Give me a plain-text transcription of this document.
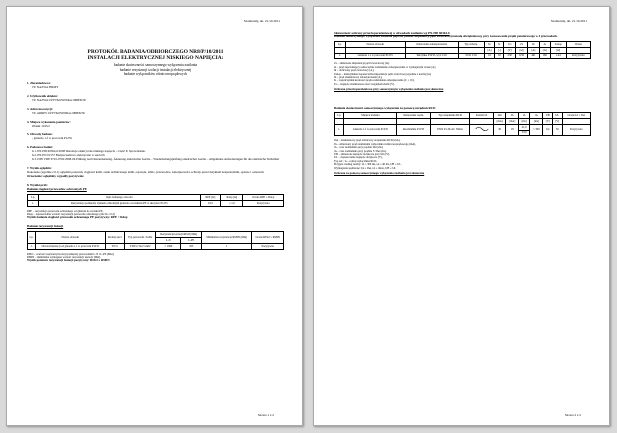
Szamotuły, dn. 21.10.2011
PROTOKÓŁ BADANIA/ODBIORCZEGO NR8/P/10/2011
INSTALACJI ELEKTRYCZNEJ NISKIEGO NAPIĘCIA:
badanie skuteczności samoczynnego wyłączenia zasilania
badanie rezystancji izolacji instalacji elektrycznej
badanie wyłączników różnicowoprądowych
1. Zleceniodawca:
TU NAZWA FIRMY
2. Użytkownik obiektu:
TU NAZWA UŻYTKOWNIKA OBIEKTU
3. Adres inwestycji:
TU ADRES UŻYTKOWNIKA OBIEKTU
4. Miejsce wykonania pomiarów:
Obiekt 1245/2
5. Obwody badane:
- gniazdo 1-f w pracowni P1235
6. Podstawa badań:
6.1. PN-HD 60364-6:2008 Instalacje elektryczne niskiego napięcia - Część 6: Sprawdzanie.
6.2. PN-EN 61557 Bezpieczeństwo elektryczne w sieciach
6.3. DIN VDE 0701-0702:2008-06 Prüfung nach Instandsetzung, Änderung elektrischer Geräte – Wiederholungsprüfung elektrischer Geräte – Allgemeine Anforderungen für die elektrische Sicherheit
7. Wynik oględzin:
Dokonano (zgodnie z 6.1) oględzin połączeń, ciągłości kabli, stanu technicznego kabli, osprzętu, tablic, przewodów, zabezpieczeń i ochrony przed dotykiem bezpośrednim, opisów i oznaczeń.
Orzeczenie: oględziny wypadły pozytywnie
8. Wyniki prób:
Badanie ciągłości przewodów ochronnych PE
Lp.	Opis badanego obwodu	RPE [Ω]	Rdop [Ω]	Ocena RPE ≤ Rdop
1.	Rezystancja pomiędzy stykiem ochronnym gniazda a zaciskiem PE w skrzynce P1235	0,01	≤ 1,0	Pozytywna
RPE – rezystancja przewodu ochronnego od gniazda do zacisku PE,
Rdop – dopuszczalna wartość rezystancji przewodu ochronnego (dla: Ik ≥ 0,2)
Wynik badania ciągłości przewodu ochronnego PE pozytywny: RPE < Rdop
Badanie rezystancji izolacji
Lp.	Nazwa obwodu	Rodzaj sieci	Typ przewodu / kabla	Rezystancja izolacji RISO [MΩ]		Minimalna rezystancja RMIN [MΩ]	Ocena RISO ≥ RMIN
				L-N	L-PE		
1.	Obwód instalacji od gniazda 1-f w pracowni P1235	TN-S	YDY-ž 3x2,5 mm²	> 1999	765	1	Pozytywna
RISO – wartość rezystancji izolacji pomiędzy przewodami L-N i L-PE [MΩ],
RMIN – minimalna wymagana wartość rezystancji izolacji [MΩ].
Wynik pomiaru rezystancji izolacji pozytywny: RISO ≥ RMIN
Strona 1 z 2
Szamotuły, dn. 21.10.2011
Skuteczność ochrony przeciwporażeniowej w obwodach zasilania wg PN-HD 60364-6
Badanie samoczynnego wyłączenia zasilania poprzez pomiar impedancji pętli zwarciowej metodą obciążeniowej, przy zastosowaniu prądu pomiarowego w 4 przewodach.
Lp.	Nazwa obwodu	Oznaczenie zabezpieczenia	Typ zabezp.	In	K	Uo	Zs	Ik	Ia	Zsdop	Ocena
				[A]	[-]	[V]	[Ω]	[A]	[A]	[Ω]	
1.	Gniazdo 1-f w pracowni P1235	Skrzynka P1235, wył. C16	S191 C16	16	10	230	0,50	461	160	1,44	Pozytywna
Zs – zmierzona impedancja pętli zwarciowej [Ω],
Ia – prąd zapewniający samoczynne zadziałanie zabezpieczenia w wymaganym czasie [A],
Ik – obliczony prąd zwarciowy [A],
Zsdop – maksymalna dopuszczalna impedancja pętli zwarciowej zgodnie z normą [Ω],
In – prąd znamionowy zabezpieczenia [A],
K – współczynnik krotności prądu zadziałania zabezpieczenia (C = 10),
Uo – napięcie znamionowe sieci względem ziemi [V].
Ochrona przeciwporażeniowa przy samoczynnym wyłączeniu zasilania jest skuteczna
Badanie skuteczności samoczynnego wyłączenia za pomocą urządzeń RCD
Lp.	Miejsce badania	Oznaczenie rozdz.	Typ urządzenia RCD	Kształt IΔ	IΔn	IΔ	tΔ	tA	UB	UL	Ocena IΔ ≤ IΔn
					[mA]	[mA]	[ms]	[ms]	[V]	[V]	
1.	Gniazdo 1-f w pracowni P1235	Rozdzielnia P1235	P302 25-30-AC 30mA		30	18	21,0	< 300	0,4	50	Pozytywna
							33,0				
IΔn – znamionowy prąd różnicowy urządzenia RCD [mA],
IΔ – zmierzony prąd zadziałania wyłącznika różnicowoprądowego [mA],
tΔ – czas zadziałania przy prądzie IΔn [ms],
tA – czas zadziałania przy prądzie 5×IΔn [ms],
UB – zmierzone napięcie dotykowe przy IΔn [V],
UL – dopuszczalne napięcie dotykowe [V],
Typ AC / A – rodzaj wyłącznika RCD,
Przyjęto według normy: tΔ ≤ 300 ms, tA ≤ 40 ms, UB ≤ UL.
Wymagania spełnione: IΔ ≤ IΔn, tΔ ≤ tmax, UB ≤ UL
Ochrona za pomocą samoczynnego wyłączenia zasilania jest skuteczna
Strona 2 z 2
